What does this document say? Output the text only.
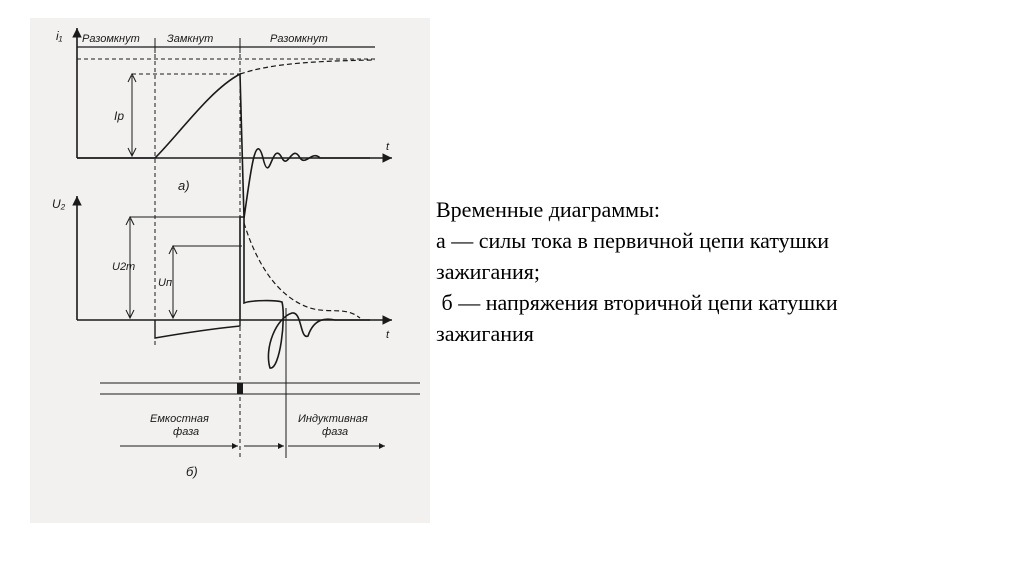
i₁ Разомкнут Замкнут	Разомкнут
Iр
t
а)
U₂
U2m
Uп
t
Емкостная
фаза
Индуктивная
фаза
б)
Временные диаграммы:
а — силы тока в первичной цепи катушки
зажигания;
б — напряжения вторичной цепи катушки
зажигания
